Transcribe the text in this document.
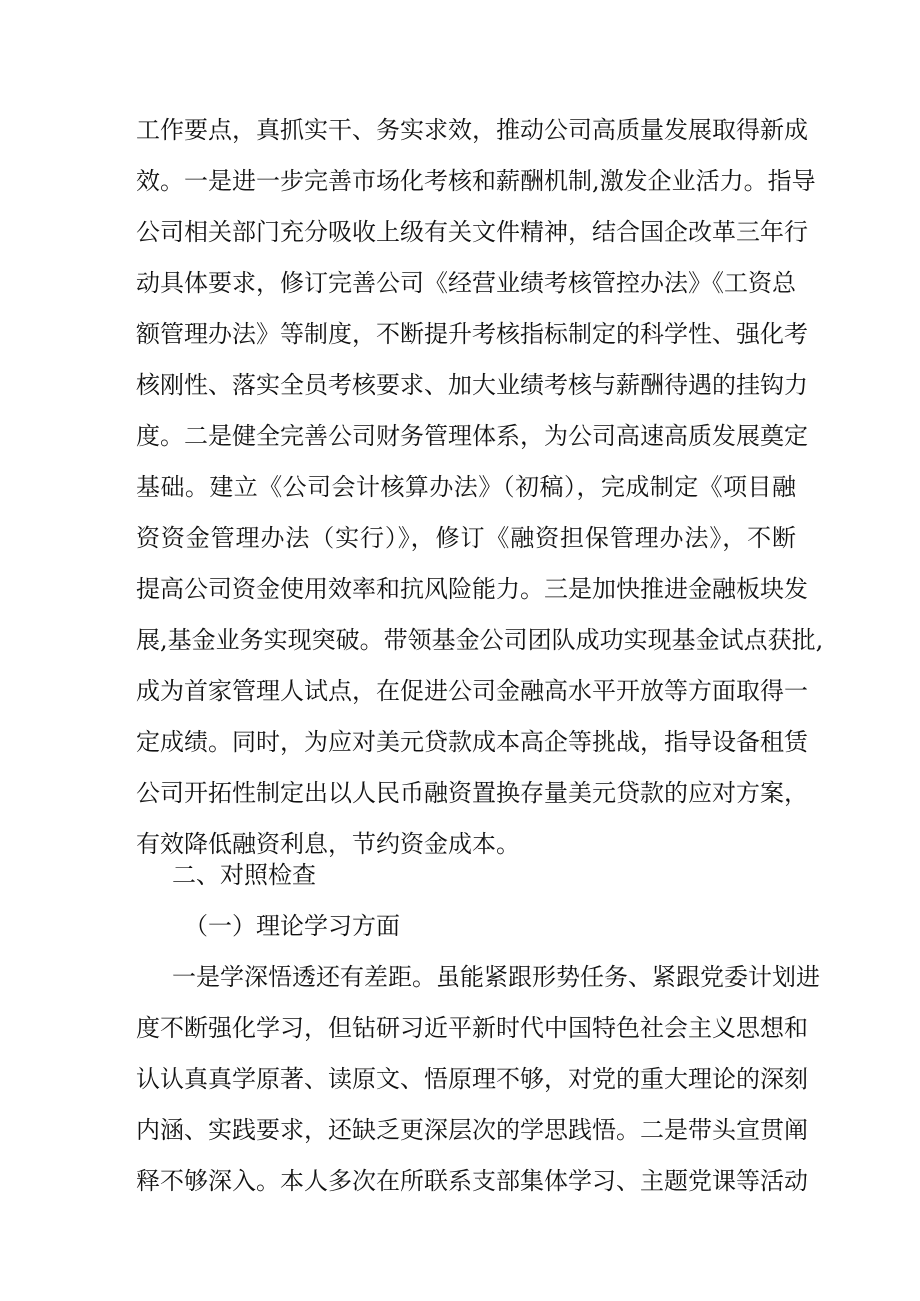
工作要点，真抓实干、务实求效，推动公司高质量发展取得新成
效。一是进一步完善市场化考核和薪酬机制,激发企业活力。指导
公司相关部门充分吸收上级有关文件精神，结合国企改革三年行
动具体要求，修订完善公司《经营业绩考核管控办法》《工资总
额管理办法》等制度，不断提升考核指标制定的科学性、强化考
核刚性、落实全员考核要求、加大业绩考核与薪酬待遇的挂钩力
度。二是健全完善公司财务管理体系，为公司高速高质发展奠定
基础。建立《公司会计核算办法》（初稿），完成制定《项目融
资资金管理办法（实行）》，修订《融资担保管理办法》，不断
提高公司资金使用效率和抗风险能力。三是加快推进金融板块发
展,基金业务实现突破。带领基金公司团队成功实现基金试点获批,
成为首家管理人试点，在促进公司金融高水平开放等方面取得一
定成绩。同时，为应对美元贷款成本高企等挑战，指导设备租赁
公司开拓性制定出以人民币融资置换存量美元贷款的应对方案，
有效降低融资利息，节约资金成本。
二、对照检查
（一）理论学习方面
一是学深悟透还有差距。虽能紧跟形势任务、紧跟党委计划进
度不断强化学习，但钻研习近平新时代中国特色社会主义思想和
认认真真学原著、读原文、悟原理不够，对党的重大理论的深刻
内涵、实践要求，还缺乏更深层次的学思践悟。二是带头宣贯阐
释不够深入。本人多次在所联系支部集体学习、主题党课等活动
